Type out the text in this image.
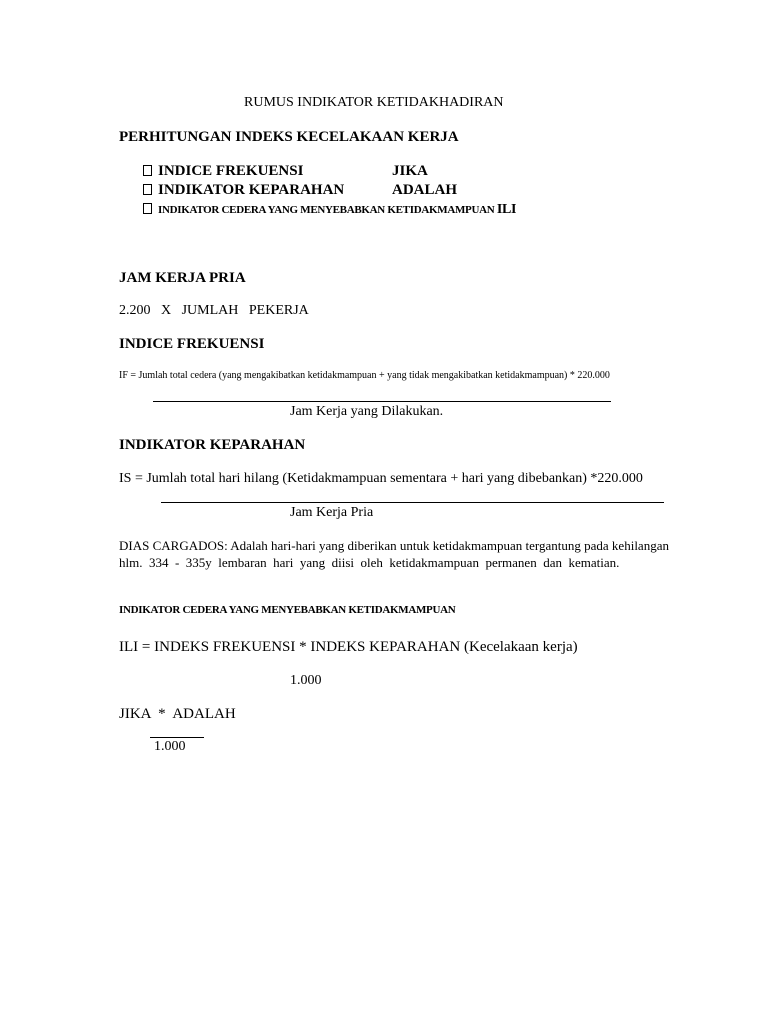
RUMUS INDIKATOR KETIDAKHADIRAN
PERHITUNGAN INDEKS KECELAKAAN KERJA
INDICE FREKUENSI	JIKA
INDIKATOR KEPARAHAN	ADALAH
INDIKATOR CEDERA YANG MENYEBABKAN KETIDAKMAMPUAN ILI
JAM KERJA PRIA
2.200   X   JUMLAH   PEKERJA
INDICE FREKUENSI
IF = Jumlah total cedera (yang mengakibatkan ketidakmampuan + yang tidak mengakibatkan ketidakmampuan) * 220.000
Jam Kerja yang Dilakukan.
INDIKATOR KEPARAHAN
IS = Jumlah total hari hilang (Ketidakmampuan sementara + hari yang dibebankan) *220.000
Jam Kerja Pria
DIAS CARGADOS: Adalah hari-hari yang diberikan untuk ketidakmampuan tergantung pada kehilangan
hlm.  334  -  335y  lembaran  hari  yang  diisi  oleh  ketidakmampuan  permanen  dan  kematian.
INDIKATOR CEDERA YANG MENYEBABKAN KETIDAKMAMPUAN
ILI = INDEKS FREKUENSI * INDEKS KEPARAHAN (Kecelakaan kerja)
1.000
JIKA  *  ADALAH
1.000
